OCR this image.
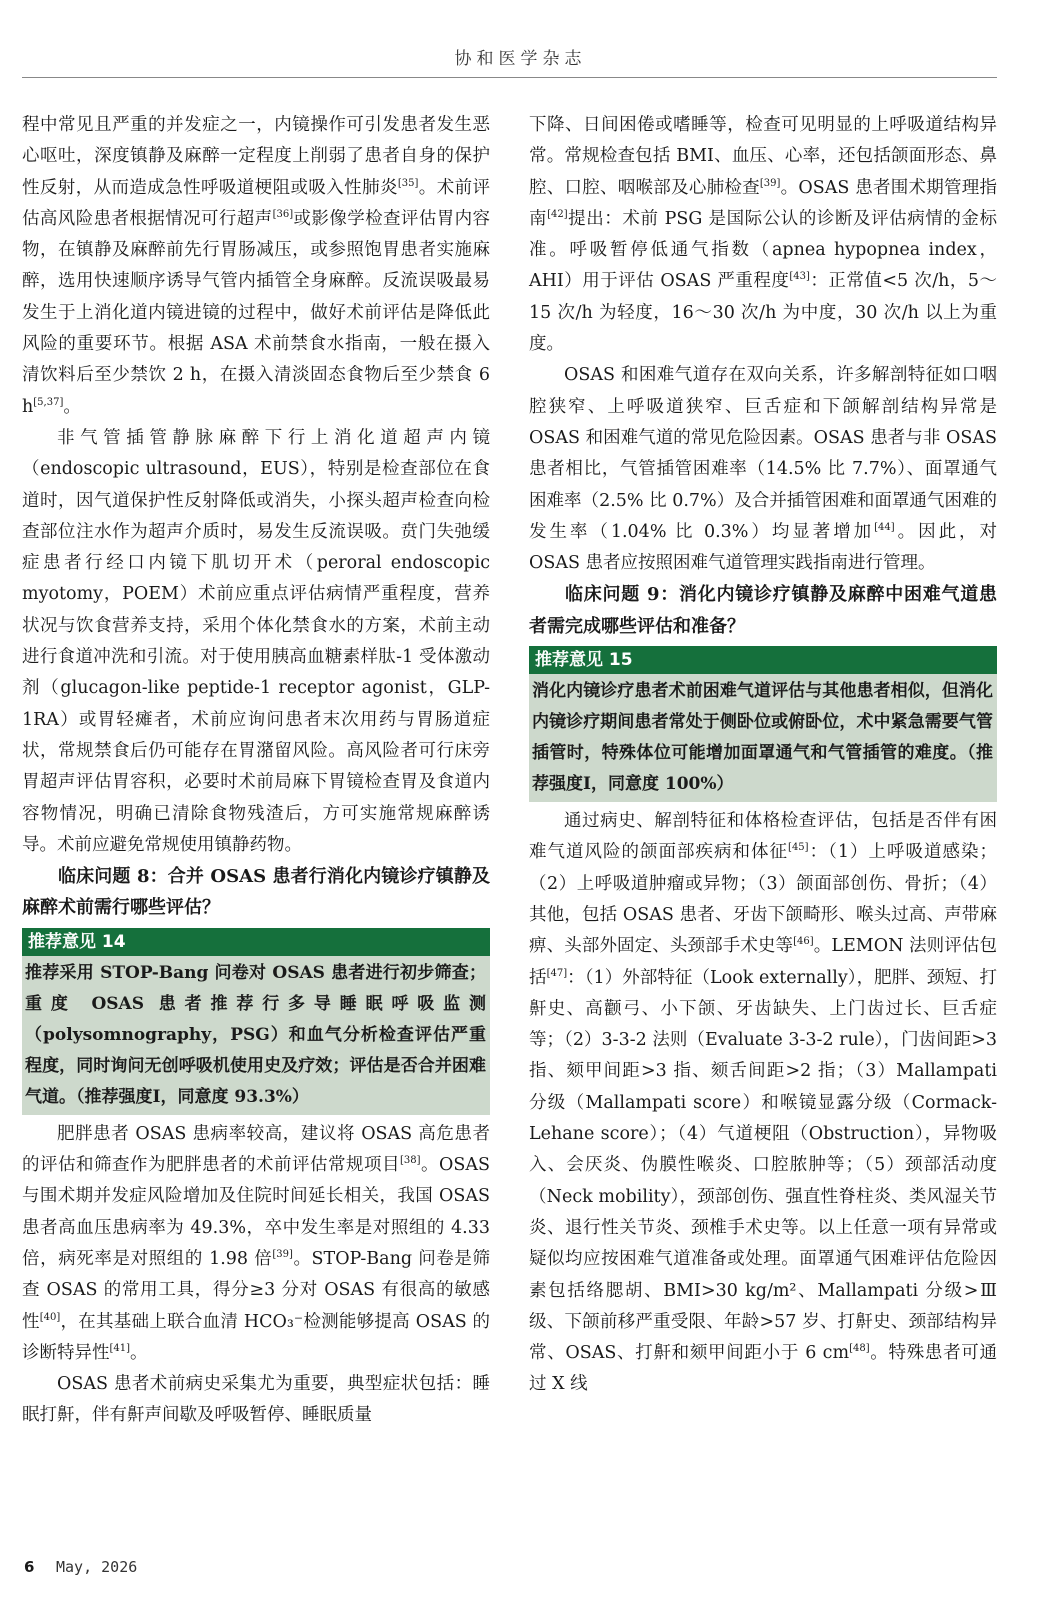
协和医学杂志

程中常见且严重的并发症之一，内镜操作可引发患者发生恶心呕吐，深度镇静及麻醉一定程度上削弱了患者自身的保护性反射，从而造成急性呼吸道梗阻或吸入性肺炎[35]。术前评估高风险患者根据情况可行超声[36]或影像学检查评估胃内容物，在镇静及麻醉前先行胃肠减压，或参照饱胃患者实施麻醉，选用快速顺序诱导气管内插管全身麻醉。反流误吸最易发生于上消化道内镜进镜的过程中，做好术前评估是降低此风险的重要环节。根据 ASA 术前禁食水指南，一般在摄入清饮料后至少禁饮 2 h，在摄入清淡固态食物后至少禁食 6 h[5,37]。

非气管插管静脉麻醉下行上消化道超声内镜（endoscopic ultrasound，EUS），特别是检查部位在食道时，因气道保护性反射降低或消失，小探头超声检查向检查部位注水作为超声介质时，易发生反流误吸。贲门失弛缓症患者行经口内镜下肌切开术（peroral endoscopic myotomy，POEM）术前应重点评估病情严重程度，营养状况与饮食营养支持，采用个体化禁食水的方案，术前主动进行食道冲洗和引流。对于使用胰高血糖素样肽-1 受体激动剂（glucagon-like peptide-1 receptor agonist，GLP-1RA）或胃轻瘫者，术前应询问患者末次用药与胃肠道症状，常规禁食后仍可能存在胃潴留风险。高风险者可行床旁胃超声评估胃容积，必要时术前局麻下胃镜检查胃及食道内容物情况，明确已清除食物残渣后，方可实施常规麻醉诱导。术前应避免常规使用镇静药物。

临床问题 8：合并 OSAS 患者行消化内镜诊疗镇静及麻醉术前需行哪些评估？

推荐意见 14
推荐采用 STOP-Bang 问卷对 OSAS 患者进行初步筛查；重度 OSAS 患者推荐行多导睡眠呼吸监测（polysomnography，PSG）和血气分析检查评估严重程度，同时询问无创呼吸机使用史及疗效；评估是否合并困难气道。（推荐强度Ⅰ，同意度 93.3%）

肥胖患者 OSAS 患病率较高，建议将 OSAS 高危患者的评估和筛查作为肥胖患者的术前评估常规项目[38]。OSAS 与围术期并发症风险增加及住院时间延长相关，我国 OSAS 患者高血压患病率为 49.3%，卒中发生率是对照组的 4.33 倍，病死率是对照组的 1.98 倍[39]。STOP-Bang 问卷是筛查 OSAS 的常用工具，得分≥3 分对 OSAS 有很高的敏感性[40]，在其基础上联合血清 HCO₃⁻检测能够提高 OSAS 的诊断特异性[41]。

OSAS 患者术前病史采集尤为重要，典型症状包括：睡眠打鼾，伴有鼾声间歇及呼吸暂停、睡眠质量

下降、日间困倦或嗜睡等，检查可见明显的上呼吸道结构异常。常规检查包括 BMI、血压、心率，还包括颌面形态、鼻腔、口腔、咽喉部及心肺检查[39]。OSAS 患者围术期管理指南[42]提出：术前 PSG 是国际公认的诊断及评估病情的金标准。呼吸暂停低通气指数（apnea hypopnea index，AHI）用于评估 OSAS 严重程度[43]：正常值<5 次/h，5～15 次/h 为轻度，16～30 次/h 为中度，30 次/h 以上为重度。

OSAS 和困难气道存在双向关系，许多解剖特征如口咽腔狭窄、上呼吸道狭窄、巨舌症和下颌解剖结构异常是 OSAS 和困难气道的常见危险因素。OSAS 患者与非 OSAS 患者相比，气管插管困难率（14.5% 比 7.7%）、面罩通气困难率（2.5% 比 0.7%）及合并插管困难和面罩通气困难的发生率（1.04% 比 0.3%）均显著增加[44]。因此，对 OSAS 患者应按照困难气道管理实践指南进行管理。

临床问题 9：消化内镜诊疗镇静及麻醉中困难气道患者需完成哪些评估和准备？

推荐意见 15
消化内镜诊疗患者术前困难气道评估与其他患者相似，但消化内镜诊疗期间患者常处于侧卧位或俯卧位，术中紧急需要气管插管时，特殊体位可能增加面罩通气和气管插管的难度。（推荐强度Ⅰ，同意度 100%）

通过病史、解剖特征和体格检查评估，包括是否伴有困难气道风险的颌面部疾病和体征[45]：（1）上呼吸道感染；（2）上呼吸道肿瘤或异物；（3）颌面部创伤、骨折；（4）其他，包括 OSAS 患者、牙齿下颌畸形、喉头过高、声带麻痹、头部外固定、头颈部手术史等[46]。LEMON 法则评估包括[47]：（1）外部特征（Look externally），肥胖、颈短、打鼾史、高颧弓、小下颌、牙齿缺失、上门齿过长、巨舌症等；（2）3-3-2 法则（Evaluate 3-3-2 rule），门齿间距>3 指、颏甲间距>3 指、颏舌间距>2 指；（3）Mallampati 分级（Mallampati score）和喉镜显露分级（Cormack-Lehane score）；（4）气道梗阻（Obstruction），异物吸入、会厌炎、伪膜性喉炎、口腔脓肿等；（5）颈部活动度（Neck mobility），颈部创伤、强直性脊柱炎、类风湿关节炎、退行性关节炎、颈椎手术史等。以上任意一项有异常或疑似均应按困难气道准备或处理。面罩通气困难评估危险因素包括络腮胡、BMI>30 kg/m²、Mallampati 分级>Ⅲ级、下颌前移严重受限、年龄>57 岁、打鼾史、颈部结构异常、OSAS、打鼾和颏甲间距小于 6 cm[48]。特殊患者可通过 X 线

6 May, 2026
